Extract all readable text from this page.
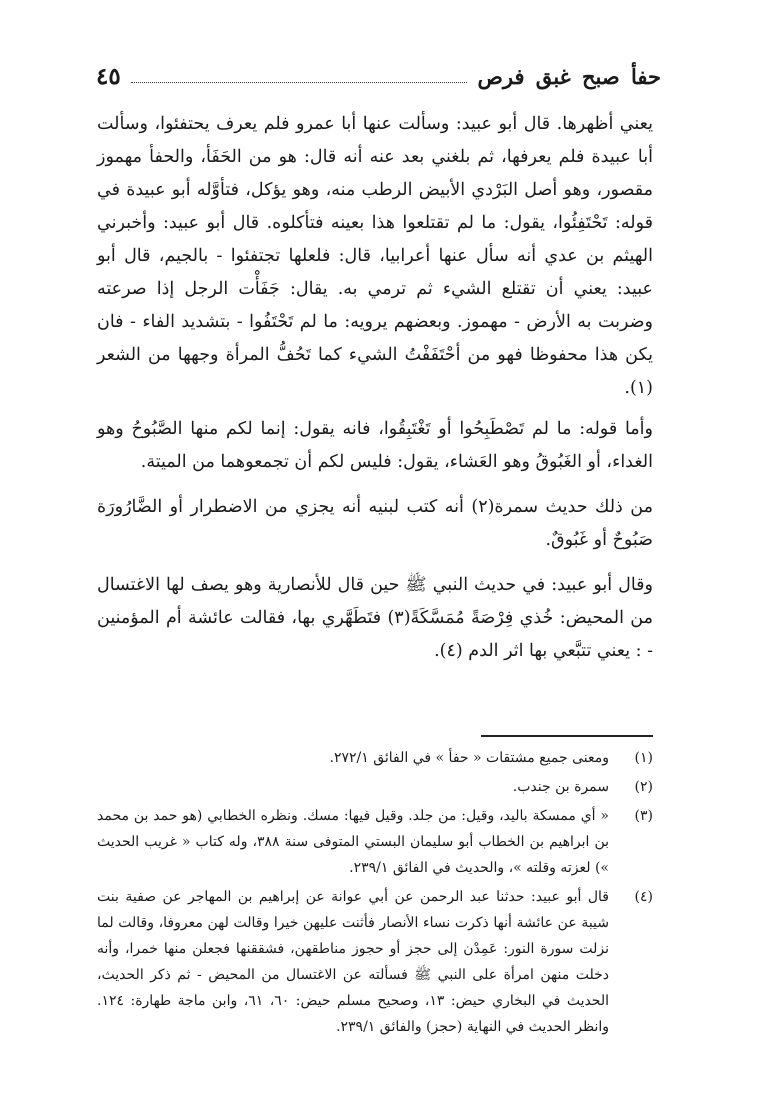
حفأ صبح غبق فرص
٤٥

يعني أظهرها. قال أبو عبيد: وسألت عنها أبا عمرو فلم يعرف يحتفئوا، وسألت أبا عبيدة فلم يعرفها، ثم بلغني بعد عنه أنه قال: هو من الحَفَأ، والحفأ مهموز مقصور، وهو أصل البَرْدي الأبيض الرطب منه، وهو يؤكل، فتأوَّله أبو عبيدة في قوله: تَحْتَفِئُوا، يقول: ما لم تقتلعوا هذا بعينه فتأكلوه. قال أبو عبيد: وأخبرني الهيثم بن عدي أنه سأل عنها أعرابيا، قال: فلعلها تجتفئوا - بالجيم، قال أبو عبيد: يعني أن تقتلع الشيء ثم ترمي به. يقال: جَفَأْت الرجل إذا صرعته وضربت به الأرض - مهموز. وبعضهم يرويه: ما لم تَحْتَفُوا - بتشديد الفاء - فان يكن هذا محفوظا فهو من أحْتَفَفْتُ الشيء كما تَحُفُّ المرأة وجهها من الشعر (١).

وأما قوله: ما لم تَصْطَبِحُوا أو تَغْتَبِقُوا، فانه يقول: إنما لكم منها الصَّبُوحُ وهو الغداء، أو الغَبُوقُ وهو العَشاء، يقول: فليس لكم أن تجمعوهما من الميتة.

من ذلك حديث سمرة(٢) أنه كتب لبنيه أنه يجزي من الاضطرار أو الضَّارُورَة صَبُوحٌ أو غَبُوقٌ.

وقال أبو عبيد: في حديث النبي ﷺ حين قال للأنصارية وهو يصف لها الاغتسال من المحيض: خُذي فِرْصَةً مُمَسَّكَةً(٣) فتَطَهَّري بها، فقالت عائشة أم المؤمنين - : يعني تتبَّعي بها اثر الدم (٤).

(١)
ومعنى جميع مشتقات « حفأ » في الفائق ٢٧٢/١.
(٢)
سمرة بن جندب.
(٣)
« أي ممسكة باليد، وقيل: من جلد. وقيل فيها: مسك. ونظره الخطابي (هو حمد بن محمد بن ابراهيم بن الخطاب أبو سليمان البستي المتوفى سنة ٣٨٨، وله كتاب « غريب الحديث ») لعزته وقلته »، والحديث في الفائق ٢٣٩/١.
(٤)
قال أبو عبيد: حدثنا عبد الرحمن عن أبي عوانة عن إبراهيم بن المهاجر عن صفية بنت شيبة عن عائشة أنها ذكرت نساء الأنصار فأثنت عليهن خيرا وقالت لهن معروفا، وقالت لما نزلت سورة النور: عَمِدْن إلى حجز أو حجوز مناطقهن، فشققنها فجعلن منها خمرا، وأنه دخلت منهن امرأة على النبي ﷺ فسألته عن الاغتسال من المحيض - ثم ذكر الحديث، الحديث في البخاري حيض: ١٣، وصحيح مسلم حيض: ٦٠، ٦١، وابن ماجة طهارة: ١٢٤. وانظر الحديث في النهاية (حجز) والفائق ٢٣٩/١.
